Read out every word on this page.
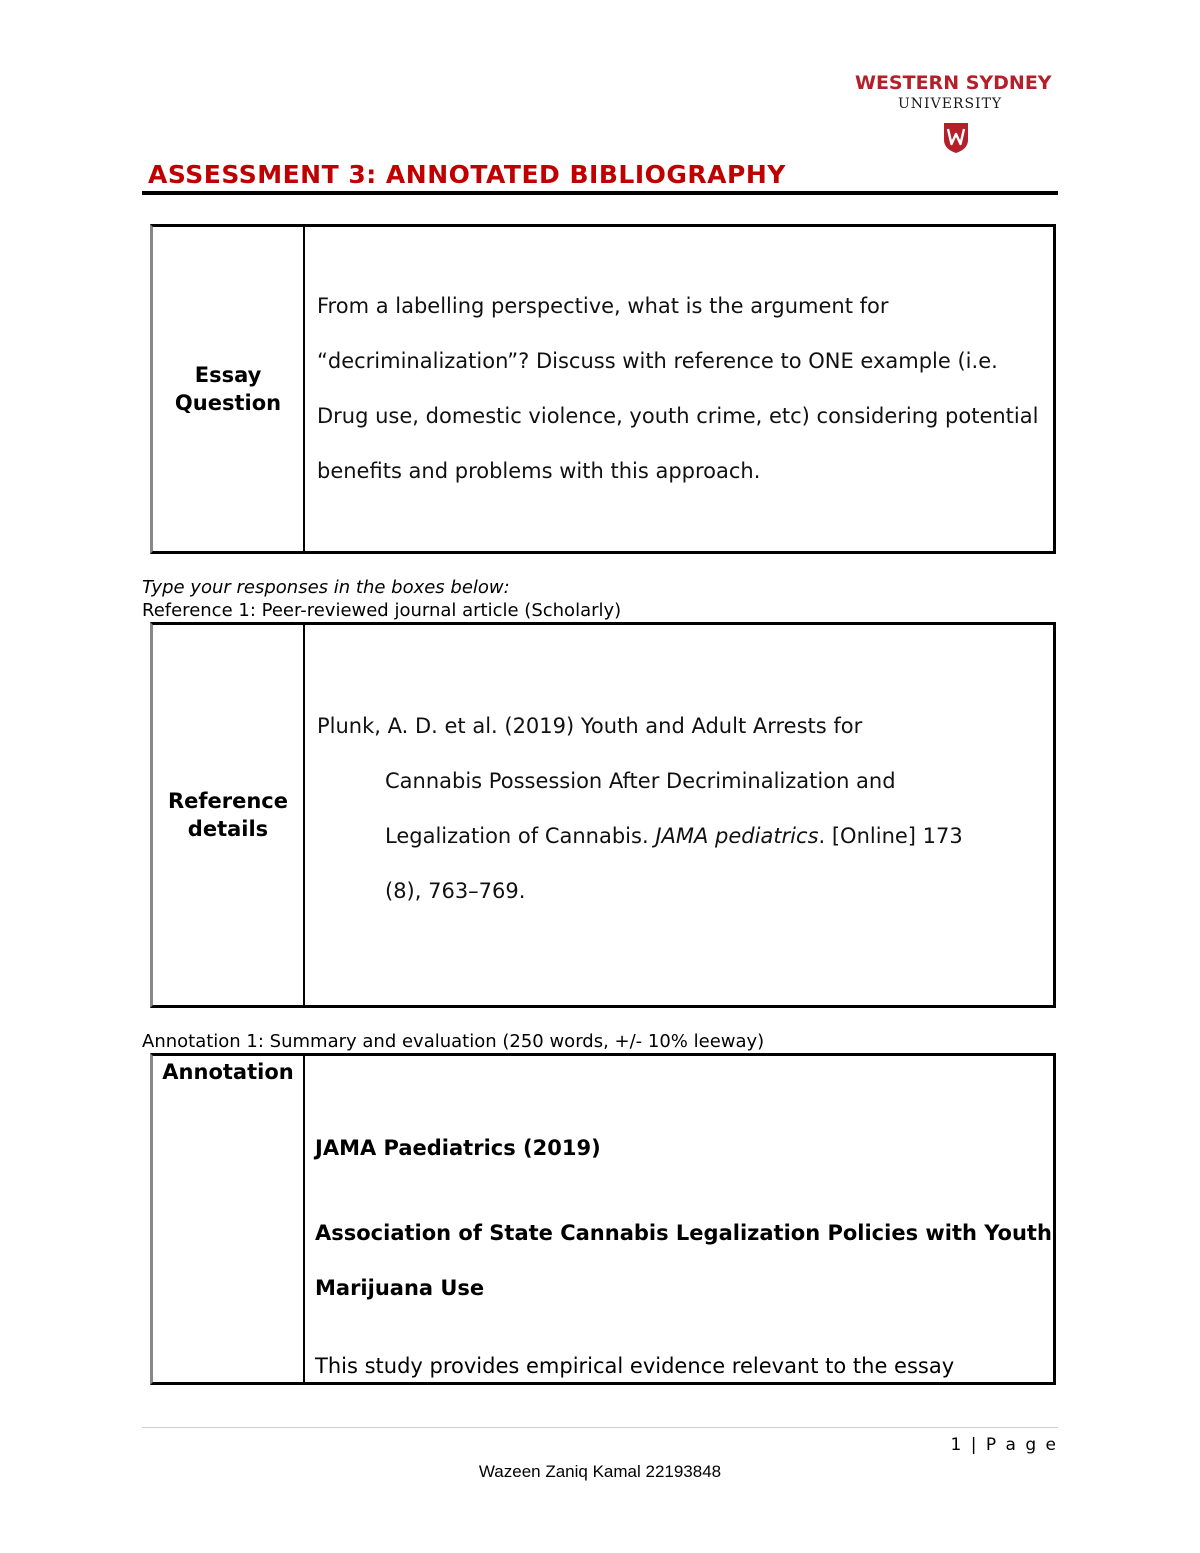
WESTERN SYDNEY
UNIVERSITY
ASSESSMENT 3: ANNOTATED BIBLIOGRAPHY
Essay Question
From a labelling perspective, what is the argument for “decriminalization”? Discuss with reference to ONE example (i.e. Drug use, domestic violence, youth crime, etc) considering potential benefits and problems with this approach.
Type your responses in the boxes below:
Reference 1: Peer-reviewed journal article (Scholarly)
Reference details
Plunk, A. D. et al. (2019) Youth and Adult Arrests for
Cannabis Possession After Decriminalization and
Legalization of Cannabis. JAMA pediatrics. [Online] 173
(8), 763–769.
Annotation 1: Summary and evaluation (250 words, +/- 10% leeway)
Annotation
JAMA Paediatrics (2019)
Association of State Cannabis Legalization Policies with Youth Marijuana Use
This study provides empirical evidence relevant to the essay
1 | P a g e
Wazeen Zaniq Kamal 22193848
